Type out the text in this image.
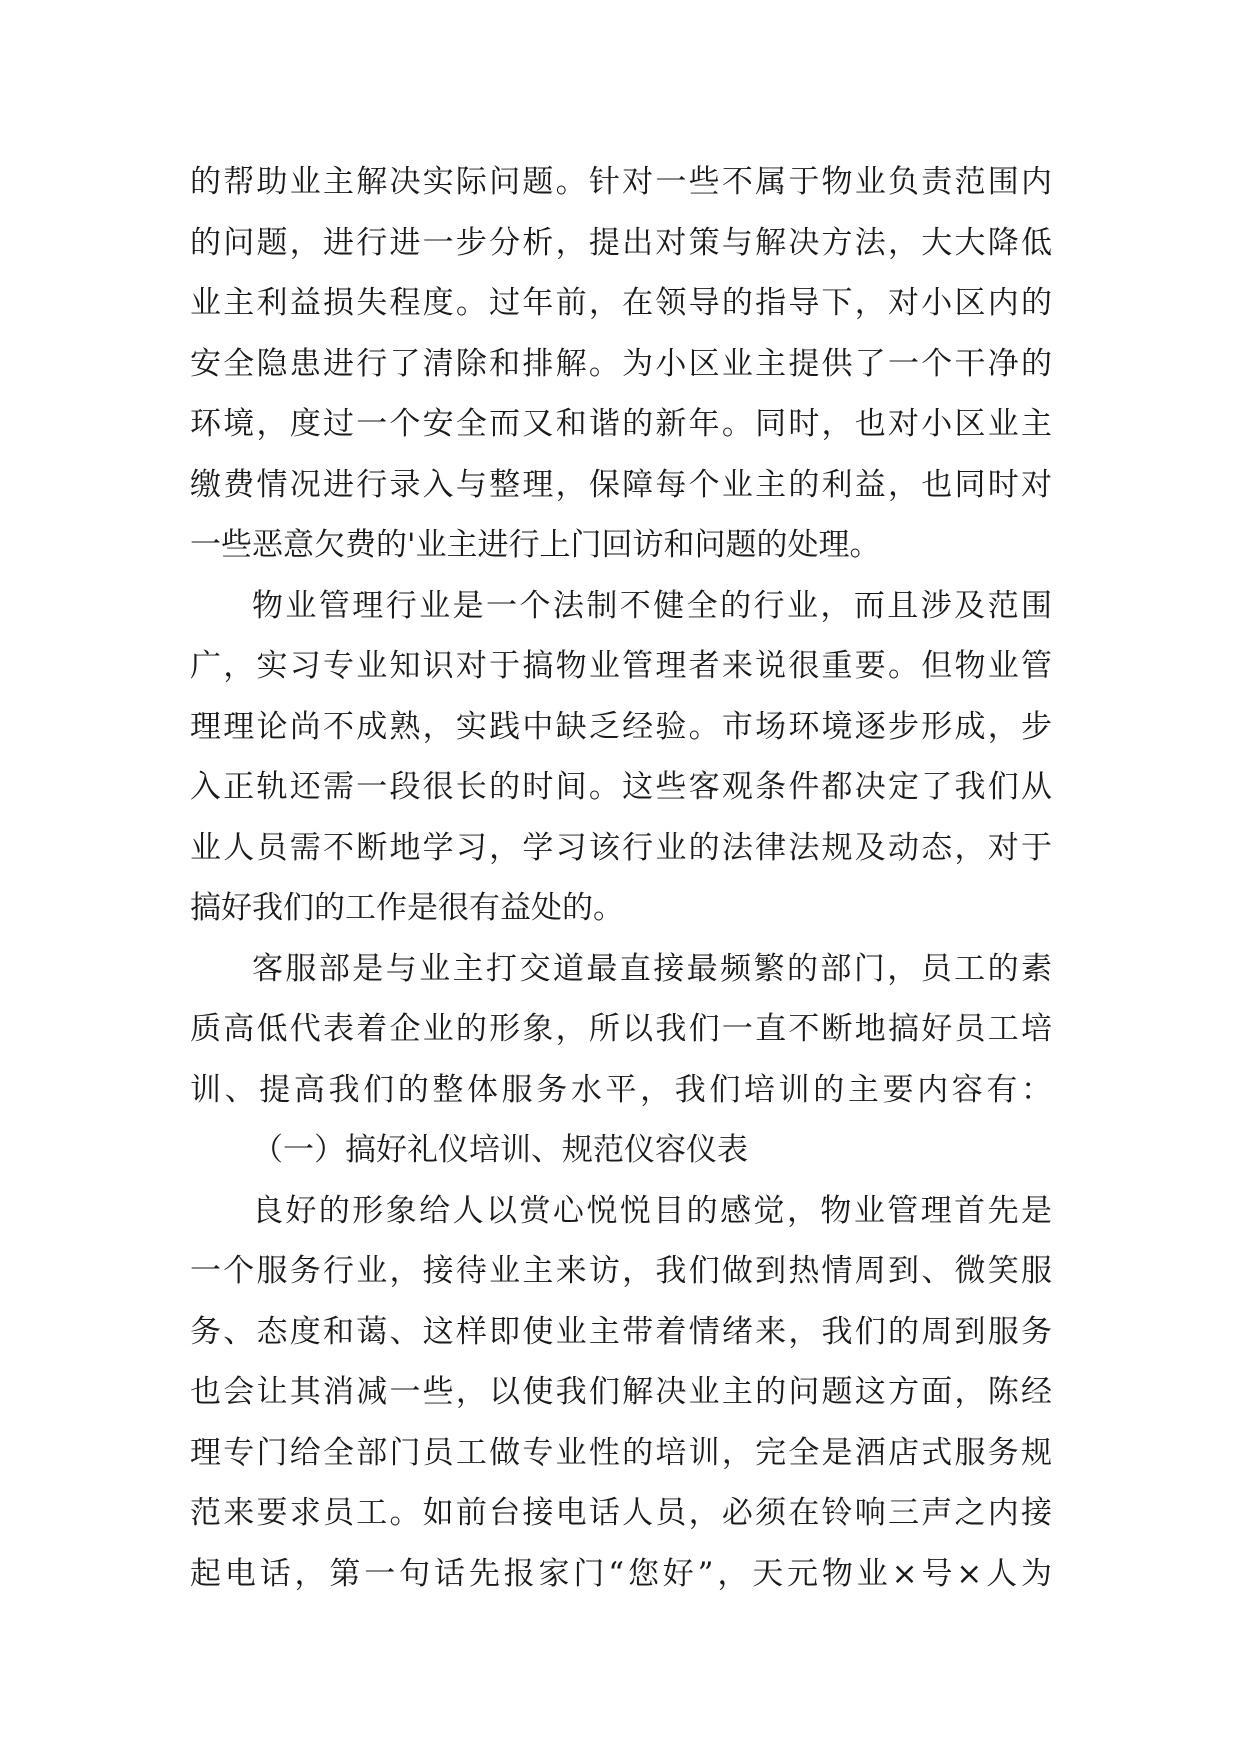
的帮助业主解决实际问题。针对一些不属于物业负责范围内
的问题，进行进一步分析，提出对策与解决方法，大大降低
业主利益损失程度。过年前，在领导的指导下，对小区内的
安全隐患进行了清除和排解。为小区业主提供了一个干净的
环境，度过一个安全而又和谐的新年。同时，也对小区业主
缴费情况进行录入与整理，保障每个业主的利益，也同时对
一些恶意欠费的'业主进行上门回访和问题的处理。
物业管理行业是一个法制不健全的行业，而且涉及范围
广，实习专业知识对于搞物业管理者来说很重要。但物业管
理理论尚不成熟，实践中缺乏经验。市场环境逐步形成，步
入正轨还需一段很长的时间。这些客观条件都决定了我们从
业人员需不断地学习，学习该行业的法律法规及动态，对于
搞好我们的工作是很有益处的。
客服部是与业主打交道最直接最频繁的部门，员工的素
质高低代表着企业的形象，所以我们一直不断地搞好员工培
训、提高我们的整体服务水平，我们培训的主要内容有：
（一）搞好礼仪培训、规范仪容仪表
良好的形象给人以赏心悦悦目的感觉，物业管理首先是
一个服务行业，接待业主来访，我们做到热情周到、微笑服
务、态度和蔼、这样即使业主带着情绪来，我们的周到服务
也会让其消减一些，以使我们解决业主的问题这方面，陈经
理专门给全部门员工做专业性的培训，完全是酒店式服务规
范来要求员工。如前台接电话人员，必须在铃响三声之内接
起电话，第一句话先报家门“您好”，天元物业×号×人为
